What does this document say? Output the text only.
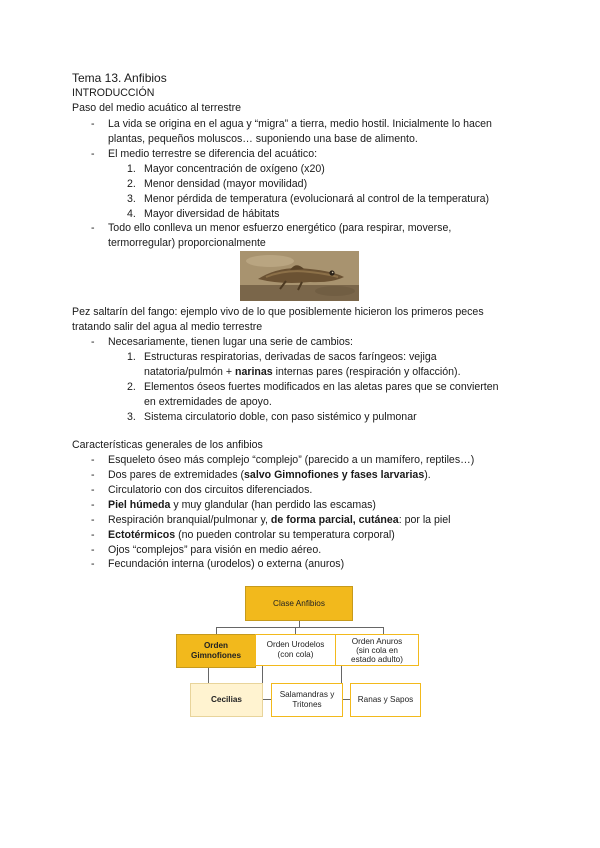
Tema 13. Anfibios
INTRODUCCIÓN
Paso del medio acuático al terrestre
- La vida se origina en el agua y “migra” a tierra, medio hostil. Inicialmente lo hacen
plantas, pequeños moluscos… suponiendo una base de alimento.
- El medio terrestre se diferencia del acuático:
1. Mayor concentración de oxígeno (x20)
2. Menor densidad (mayor movilidad)
3. Menor pérdida de temperatura (evolucionará al control de la temperatura)
4. Mayor diversidad de hábitats
- Todo ello conlleva un menor esfuerzo energético (para respirar, moverse,
termorregular) proporcionalmente
Pez saltarín del fango: ejemplo vivo de lo que posiblemente hicieron los primeros peces
tratando salir del agua al medio terrestre
- Necesariamente, tienen lugar una serie de cambios:
1. Estructuras respiratorias, derivadas de sacos faríngeos: vejiga
natatoria/pulmón + narinas internas pares (respiración y olfacción).
2. Elementos óseos fuertes modificados en las aletas pares que se convierten
en extremidades de apoyo.
3. Sistema circulatorio doble, con paso sistémico y pulmonar
Características generales de los anfibios
- Esqueleto óseo más complejo “complejo” (parecido a un mamífero, reptiles…)
- Dos pares de extremidades (salvo Gimnofiones y fases larvarias).
- Circulatorio con dos circuitos diferenciados.
- Piel húmeda y muy glandular (han perdido las escamas)
- Respiración branquial/pulmonar y, de forma parcial, cutánea: por la piel
- Ectotérmicos (no pueden controlar su temperatura corporal)
- Ojos “complejos” para visión en medio aéreo.
- Fecundación interna (urodelos) o externa (anuros)
Clase Anfibios
Orden
Gimnofiones
Orden Urodelos
(con cola)
Orden Anuros
(sin cola en
estado adulto)
Cecilias
Salamandras y
Tritones
Ranas y Sapos
